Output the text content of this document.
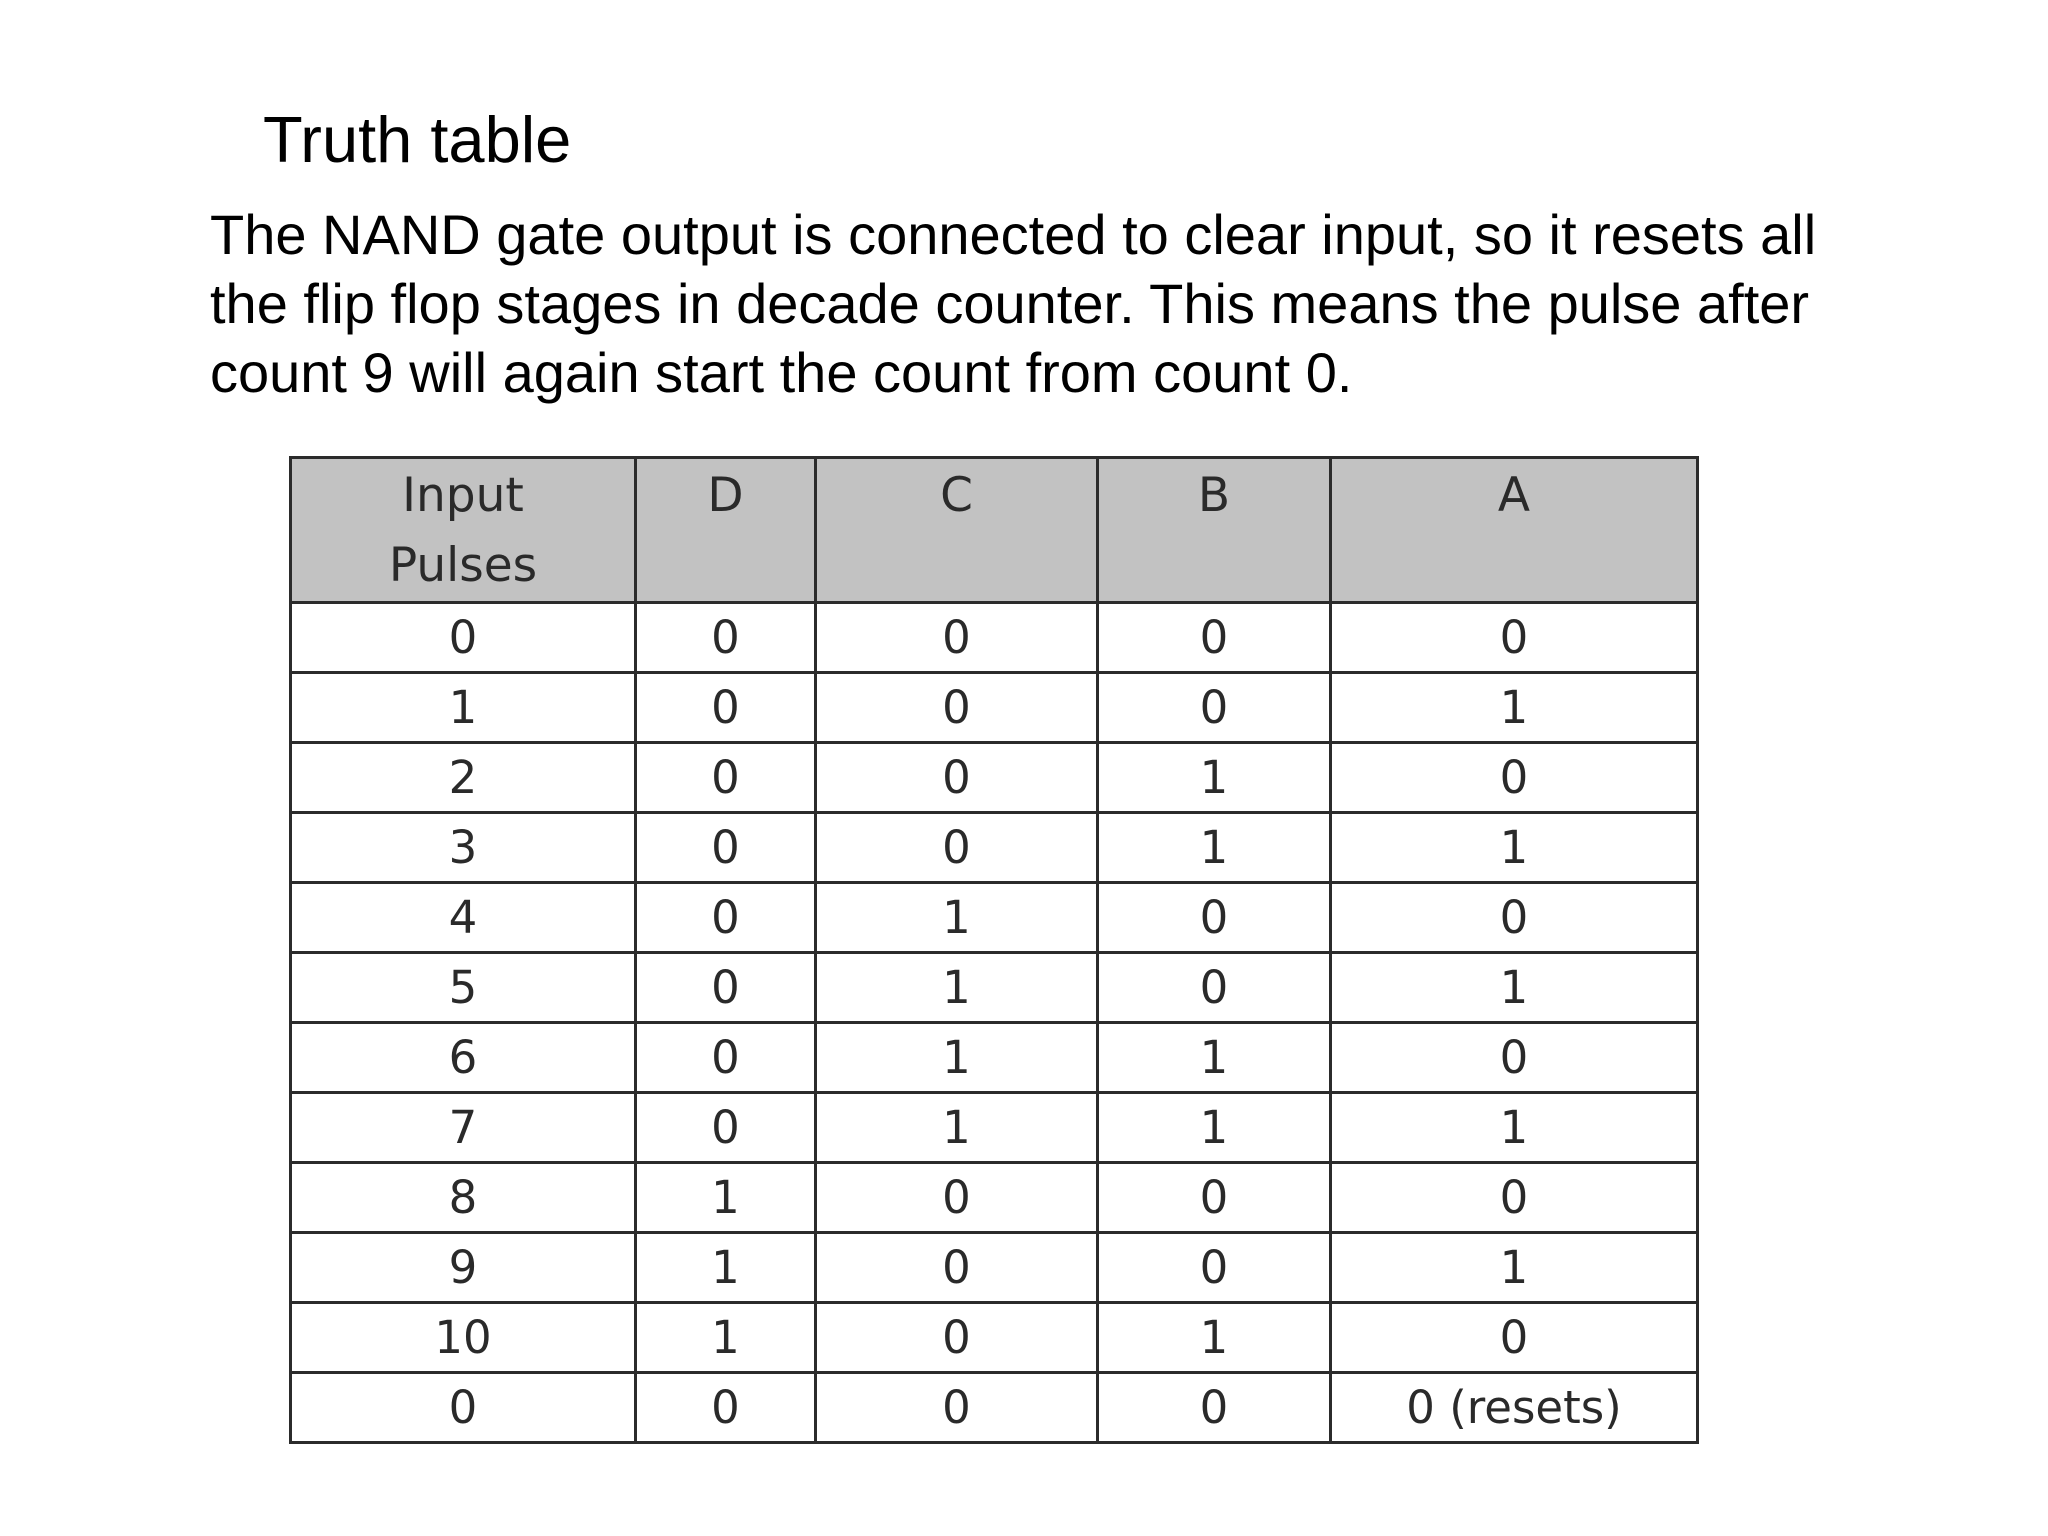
Truth table
The NAND gate output is connected to clear input, so it resets all
the flip flop stages in decade counter. This means the pulse after
count 9 will again start the count from count 0.
Input
Pulses	D	C	B	A
0	0	0	0	0
1	0	0	0	1
2	0	0	1	0
3	0	0	1	1
4	0	1	0	0
5	0	1	0	1
6	0	1	1	0
7	0	1	1	1
8	1	0	0	0
9	1	0	0	1
10	1	0	1	0
0	0	0	0	0 (resets)
